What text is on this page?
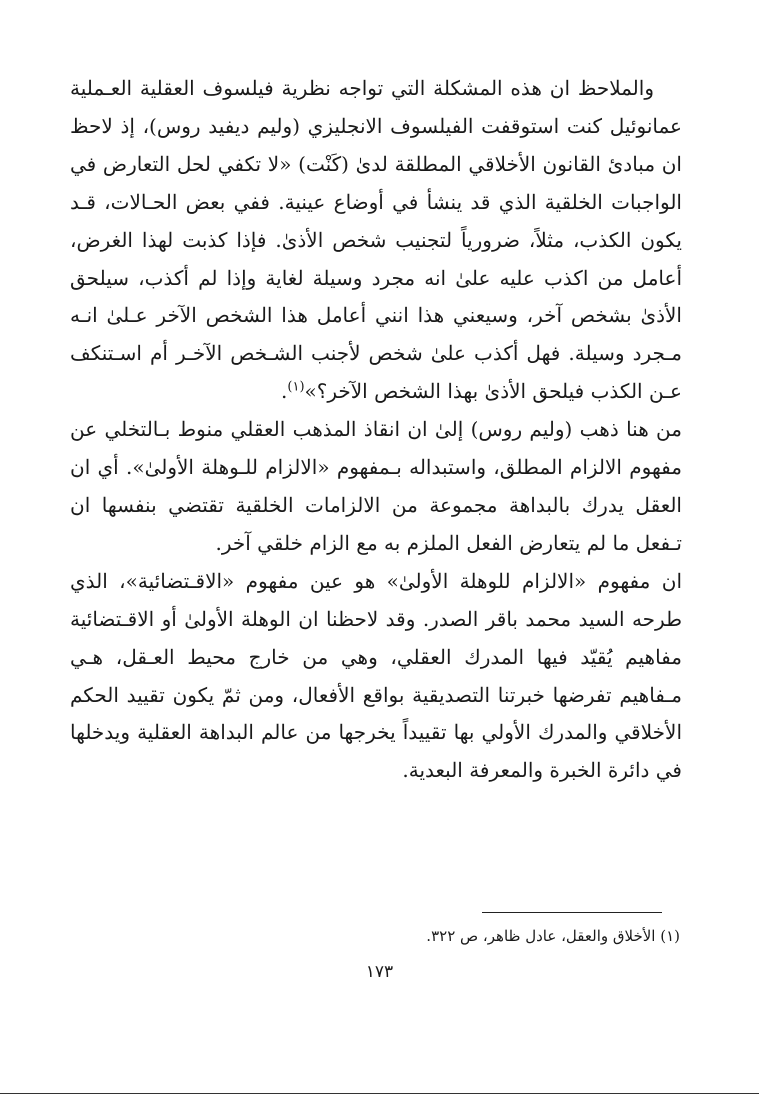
والملاحظ ان هذه المشكلة التي تواجه نظرية فيلسوف العقلية العـملية عمانوئيل كنت استوقفت الفيلسوف الانجليزي (وليم ديفيد روس)، إذ لاحظ ان مبادئ القانون الأخلاقي المطلقة لدىٰ (كَنْت) «لا تكفي لحل التعارض في الواجبات الخلقية الذي قد ينشأ في أوضاع عينية. ففي بعض الحـالات، قـد يكون الكذب، مثلاً، ضرورياً لتجنيب شخص الأذىٰ. فإذا كذبت لهذا الغرض، أعامل من اكذب عليه علىٰ انه مجرد وسيلة لغاية وإذا لم أكذب، سيلحق الأذىٰ بشخص آخر، وسيعني هذا انني أعامل هذا الشخص الآخر عـلىٰ انـه مـجرد وسيلة. فهل أكذب علىٰ شخص لأجنب الشـخص الآخـر أم اسـتنكف عـن الكذب فيلحق الأذىٰ بهذا الشخص الآخر؟»$^{(١)}$.

من هنا ذهب (وليم روس) إلىٰ ان انقاذ المذهب العقلي منوط بـالتخلي عن مفهوم الالزام المطلق، واستبداله بـمفهوم «الالزام للـوهلة الأولىٰ». أي ان العقل يدرك بالبداهة مجموعة من الالزامات الخلقية تقتضي بنفسها ان تـفعل ما لم يتعارض الفعل الملزم به مع الزام خلقي آخر.

ان مفهوم «الالزام للوهلة الأولىٰ» هو عين مفهوم «الاقـتضائية»، الذي طرحه السيد محمد باقر الصدر. وقد لاحظنا ان الوهلة الأولىٰ أو الاقـتضائية مفاهيم يُقيّد فيها المدرك العقلي، وهي من خارج محيط العـقل، هـي مـفاهيم تفرضها خبرتنا التصديقية بواقع الأفعال، ومن ثمّ يكون تقييد الحكم الأخلاقي والمدرك الأولي بها تقييداً يخرجها من عالم البداهة العقلية ويدخلها في دائرة الخبرة والمعرفة البعدية.

(١) الأخلاق والعقل، عادل ظاهر، ص ٣٢٢.
١٧٣
